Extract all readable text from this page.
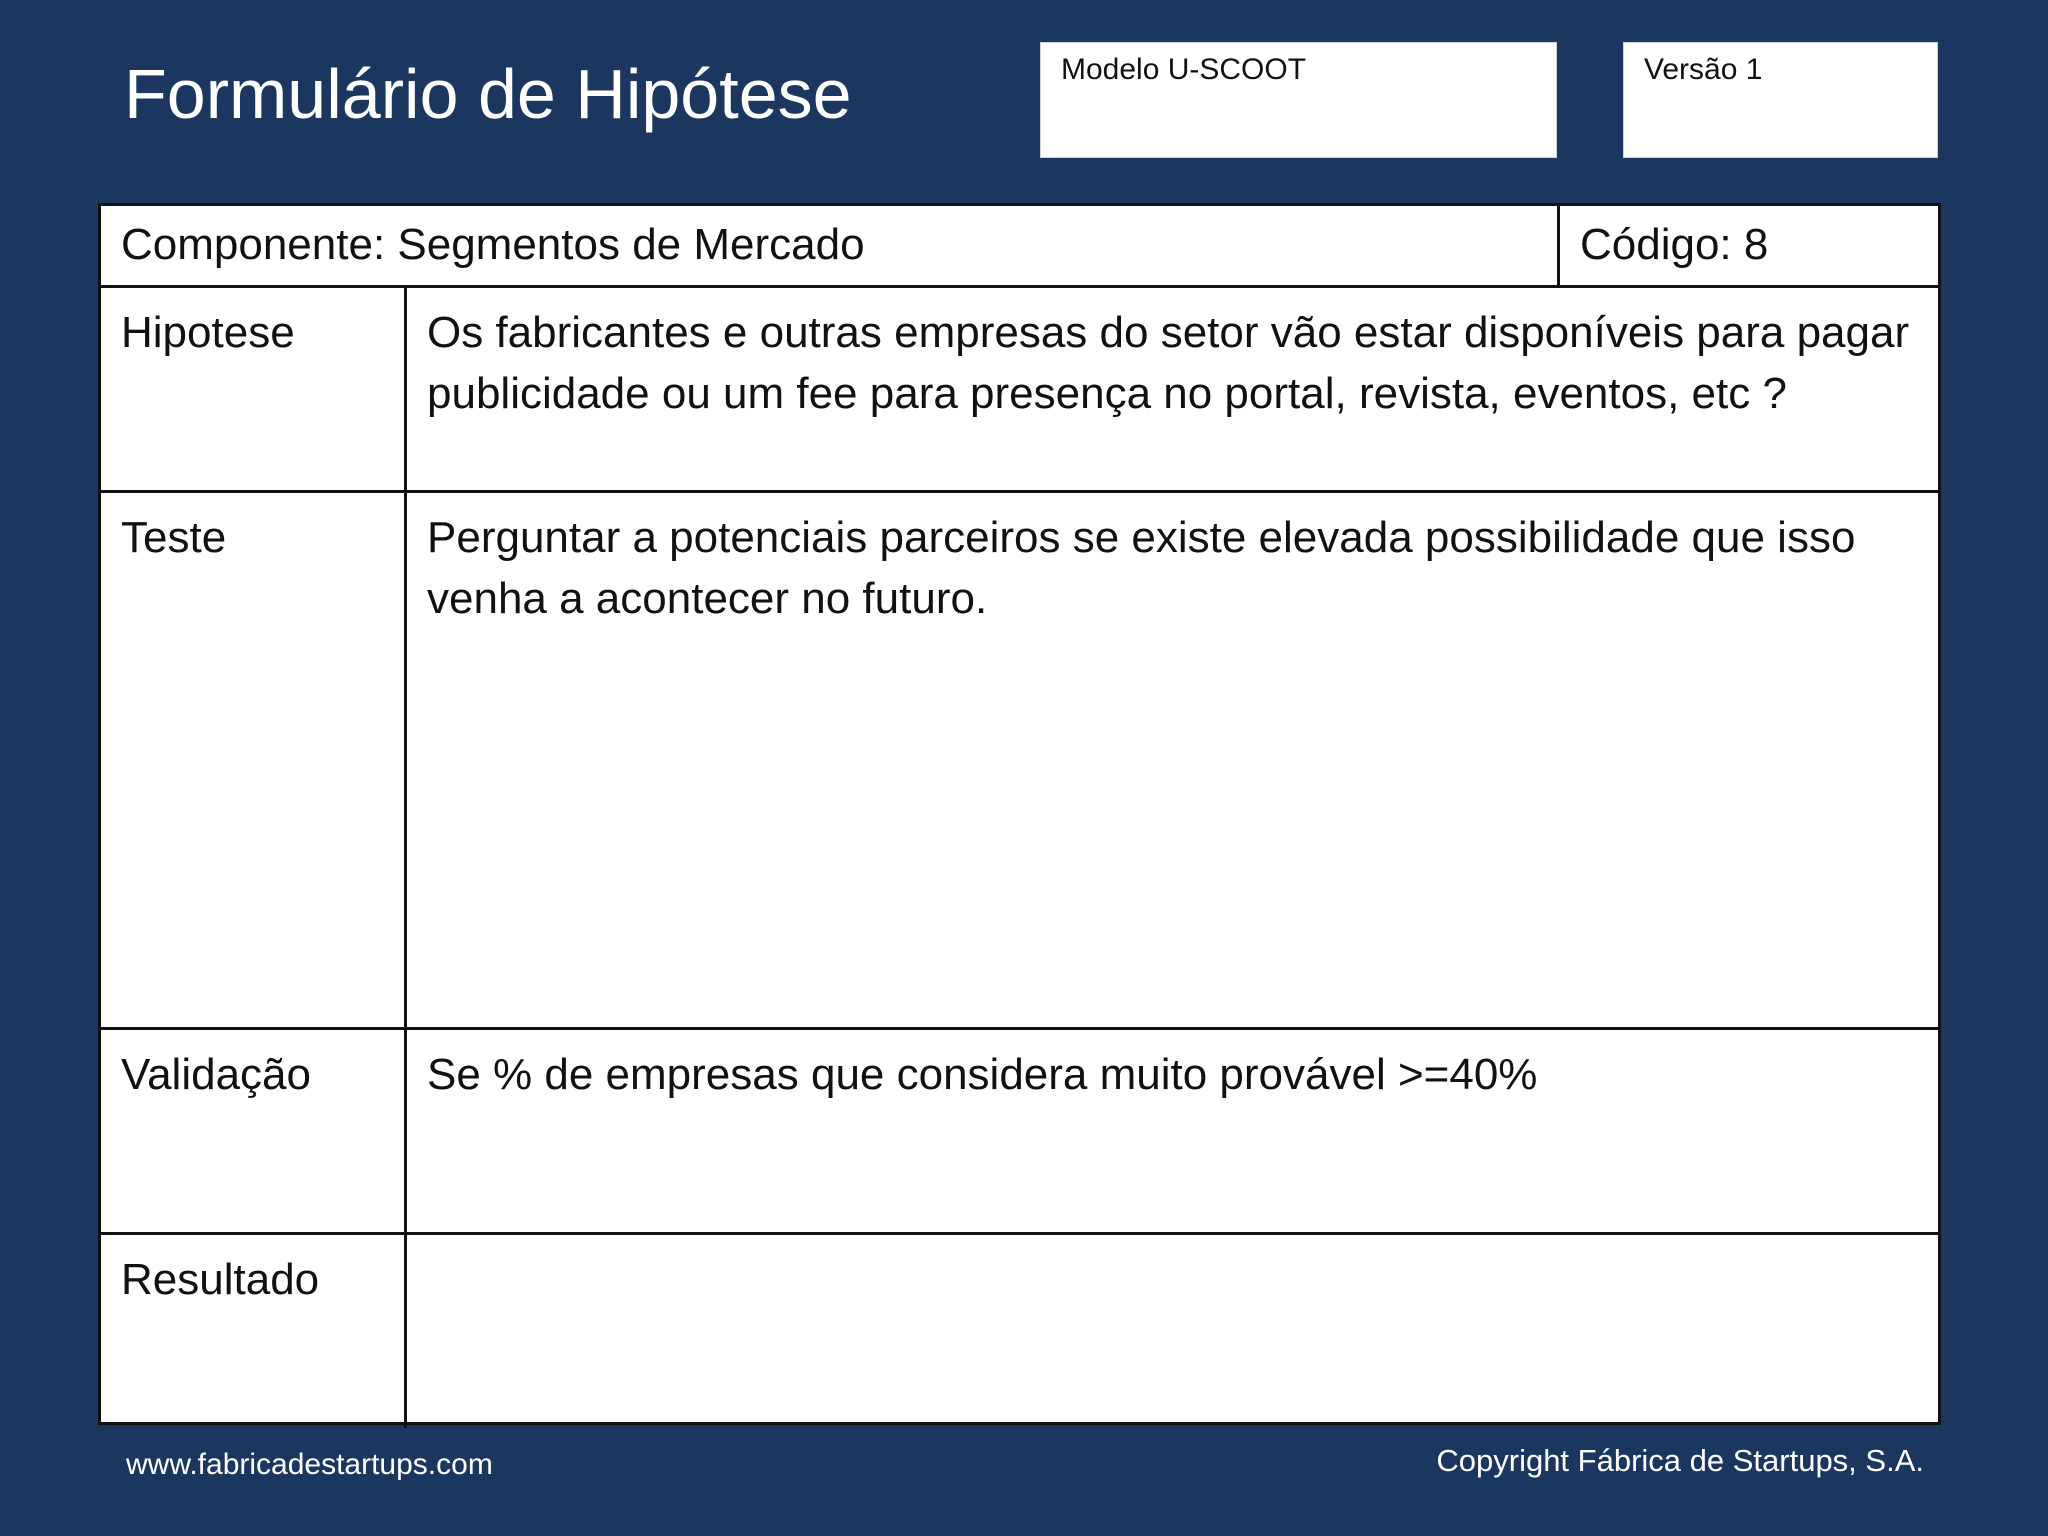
Formulário de Hipótese	Modelo U-SCOOT	Versão 1
Componente: Segmentos de Mercado	Código: 8
Hipotese	Os fabricantes e outras empresas do setor vão estar disponíveis para pagar publicidade ou um fee para presença no portal, revista, eventos, etc ?
Teste	Perguntar a potenciais parceiros se existe elevada possibilidade que isso venha a acontecer no futuro.
Validação	Se % de empresas que considera muito provável >=40%
Resultado
www.fabricadestartups.com	Copyright Fábrica de Startups, S.A.
